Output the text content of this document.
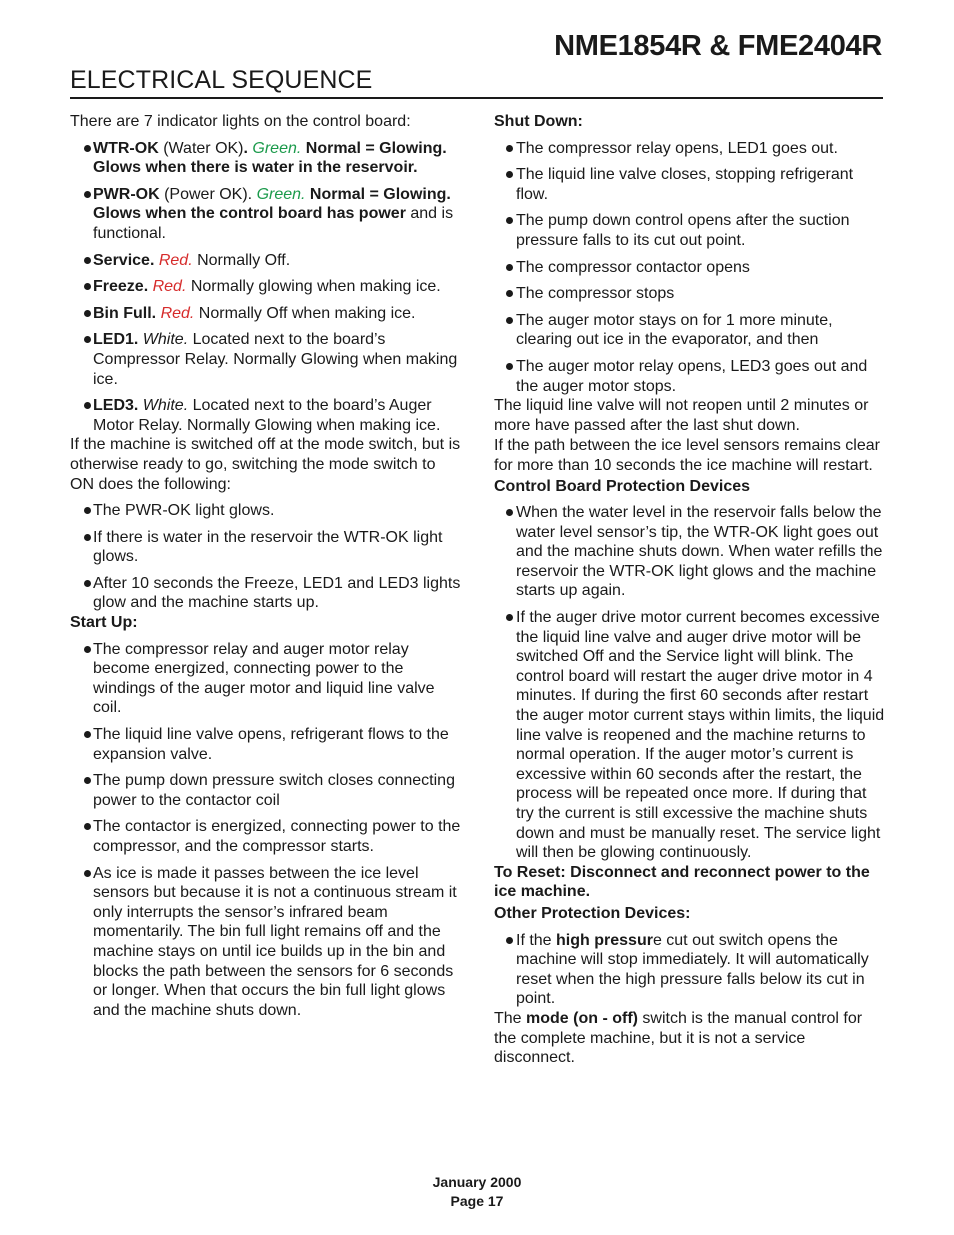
NME1854R & FME2404R
ELECTRICAL SEQUENCE
There are 7 indicator lights on the control board:
WTR-OK (Water OK). Green. Normal = Glowing. Glows when there is water in the reservoir.
PWR-OK (Power OK). Green. Normal = Glowing. Glows when the control board has power and is functional.
Service. Red. Normally Off.
Freeze. Red. Normally glowing when making ice.
Bin Full. Red. Normally Off when making ice.
LED1. White. Located next to the board’s Compressor Relay. Normally Glowing when making ice.
LED3. White. Located next to the board’s Auger Motor Relay. Normally Glowing when making ice.
If the machine is switched off at the mode switch, but is otherwise ready to go, switching the mode switch to ON does the following:
The PWR-OK light glows.
If there is water in the reservoir the WTR-OK light glows.
After 10 seconds the Freeze, LED1 and LED3 lights glow and the machine starts up.
Start Up:
The compressor relay and auger motor relay become energized, connecting power to the windings of the auger motor and liquid line valve coil.
The liquid line valve opens, refrigerant flows to the expansion valve.
The pump down pressure switch closes connecting power to the contactor coil
The contactor is energized, connecting power to the compressor, and the compressor starts.
As ice is made it passes between the ice level sensors but because it is not a continuous stream it only interrupts the sensor’s infrared beam momentarily. The bin full light remains off and the machine stays on until ice builds up in the bin and blocks the path between the sensors for 6 seconds or longer. When that occurs the bin full light glows and the machine shuts down.
Shut Down:
The compressor relay opens, LED1 goes out.
The liquid line valve closes, stopping refrigerant flow.
The pump down control opens after the suction pressure falls to its cut out point.
The compressor contactor opens
The compressor stops
The auger motor stays on for 1 more minute, clearing out ice in the evaporator, and then
The auger motor relay opens, LED3 goes out and the auger motor stops.
The liquid line valve will not reopen until 2 minutes or more have passed after the last shut down.
If the path between the ice level sensors remains clear for more than 10 seconds the ice machine will restart.
Control Board Protection Devices
When the water level in the reservoir falls below the water level sensor’s tip, the WTR-OK light goes out and the machine shuts down. When water refills the reservoir the WTR-OK light glows and the machine starts up again.
If the auger drive motor current becomes excessive the liquid line valve and auger drive motor will be switched Off and the Service light will blink. The control board will restart the auger drive motor in 4 minutes. If during the first 60 seconds after restart the auger motor current stays within limits, the liquid line valve is reopened and the machine returns to normal operation. If the auger motor’s current is excessive within 60 seconds after the restart, the process will be repeated once more. If during that try the current is still excessive the machine shuts down and must be manually reset. The service light will then be glowing continuously.
To Reset: Disconnect and reconnect power to the ice machine.
Other Protection Devices:
If the high pressure cut out switch opens the machine will stop immediately. It will automatically reset when the high pressure falls below its cut in point.
The mode (on - off) switch is the manual control for the complete machine, but it is not a service disconnect.
January 2000
Page 17
